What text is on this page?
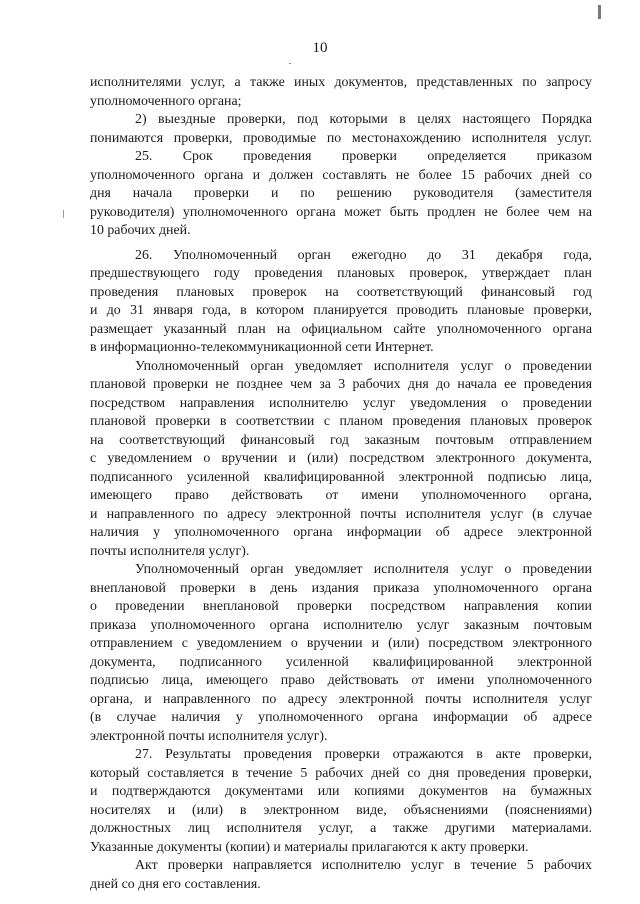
10
исполнителями услуг, а также иных документов, представленных по запросу
уполномоченного органа;
2) выездные проверки, под которыми в целях настоящего Порядка
понимаются проверки, проводимые по местонахождению исполнителя услуг.
25. Срок проведения проверки определяется приказом
уполномоченного органа и должен составлять не более 15 рабочих дней со
дня начала проверки и по решению руководителя (заместителя
руководителя) уполномоченного органа может быть продлен не более чем на
10 рабочих дней.
26. Уполномоченный орган ежегодно до 31 декабря года,
предшествующего году проведения плановых проверок, утверждает план
проведения плановых проверок на соответствующий финансовый год
и до 31 января года, в котором планируется проводить плановые проверки,
размещает указанный план на официальном сайте уполномоченного органа
в информационно-телекоммуникационной сети Интернет.
Уполномоченный орган уведомляет исполнителя услуг о проведении
плановой проверки не позднее чем за 3 рабочих дня до начала ее проведения
посредством направления исполнителю услуг уведомления о проведении
плановой проверки в соответствии с планом проведения плановых проверок
на соответствующий финансовый год заказным почтовым отправлением
с уведомлением о вручении и (или) посредством электронного документа,
подписанного усиленной квалифицированной электронной подписью лица,
имеющего право действовать от имени уполномоченного органа,
и направленного по адресу электронной почты исполнителя услуг (в случае
наличия у уполномоченного органа информации об адресе электронной
почты исполнителя услуг).
Уполномоченный орган уведомляет исполнителя услуг о проведении
внеплановой проверки в день издания приказа уполномоченного органа
о проведении внеплановой проверки посредством направления копии
приказа уполномоченного органа исполнителю услуг заказным почтовым
отправлением с уведомлением о вручении и (или) посредством электронного
документа, подписанного усиленной квалифицированной электронной
подписью лица, имеющего право действовать от имени уполномоченного
органа, и направленного по адресу электронной почты исполнителя услуг
(в случае наличия у уполномоченного органа информации об адресе
электронной почты исполнителя услуг).
27. Результаты проведения проверки отражаются в акте проверки,
который составляется в течение 5 рабочих дней со дня проведения проверки,
и подтверждаются документами или копиями документов на бумажных
носителях и (или) в электронном виде, объяснениями (пояснениями)
должностных лиц исполнителя услуг, а также другими материалами.
Указанные документы (копии) и материалы прилагаются к акту проверки.
Акт проверки направляется исполнителю услуг в течение 5 рабочих
дней со дня его составления.
